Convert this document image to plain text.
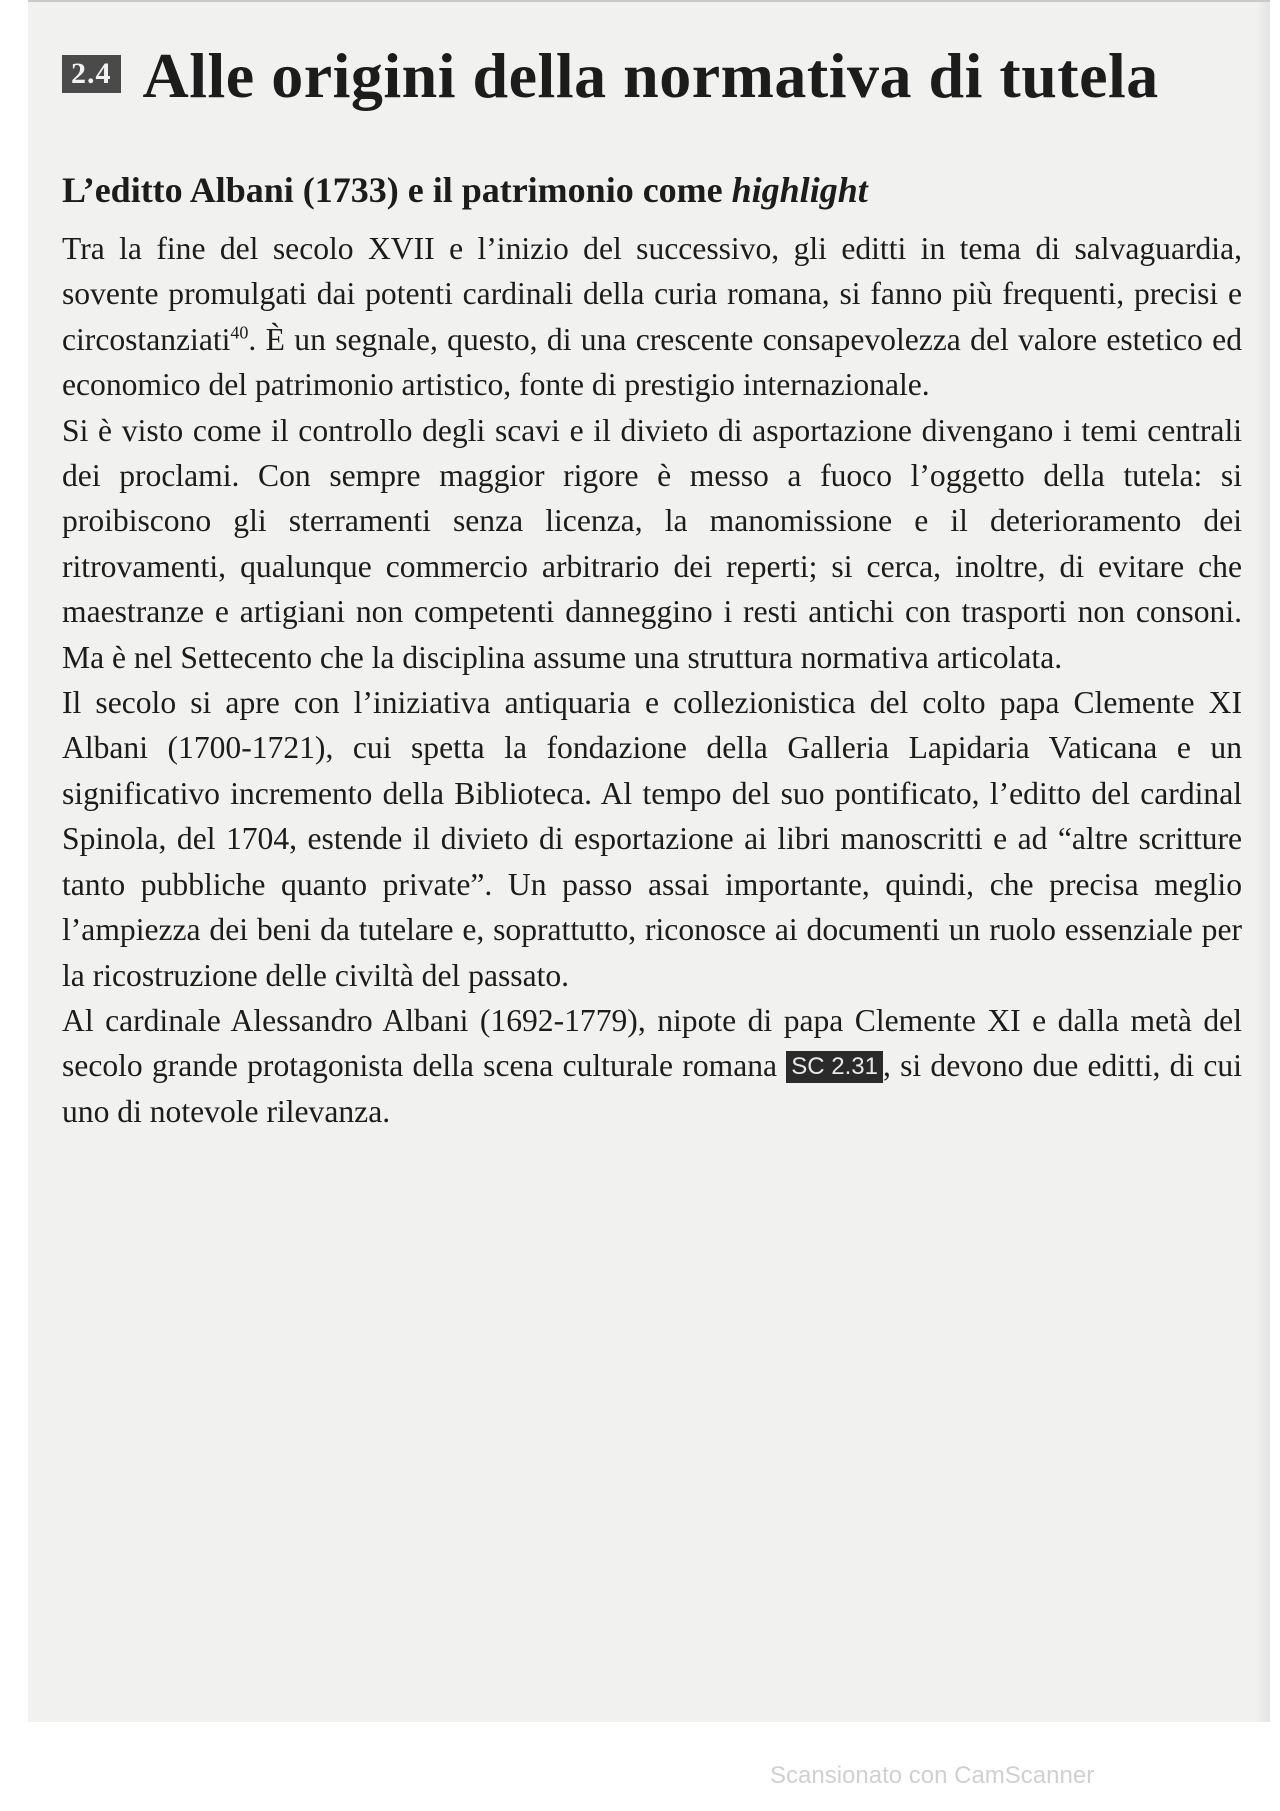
2.4 Alle origini della normativa di tutela
L’editto Albani (1733) e il patrimonio come highlight

Tra la fine del secolo XVII e l’inizio del successivo, gli editti in tema di salvaguardia, sovente promulgati dai potenti cardinali della curia romana, si fanno più frequenti, precisi e circostanziati$^{40}$. È un segnale, questo, di una crescente consapevolezza del valore estetico ed economico del patrimonio artistico, fonte di prestigio internazionale.

Si è visto come il controllo degli scavi e il divieto di asportazione divengano i temi centrali dei proclami. Con sempre maggior rigore è messo a fuoco l’oggetto della tutela: si proibiscono gli sterramenti senza licenza, la manomissione e il deterioramento dei ritrovamenti, qualunque commercio arbitrario dei reperti; si cerca, inoltre, di evitare che maestranze e artigiani non competenti danneggino i resti antichi con trasporti non consoni. Ma è nel Settecento che la disciplina assume una struttura normativa articolata.

Il secolo si apre con l’iniziativa antiquaria e collezionistica del colto papa Clemente XI Albani (1700-1721), cui spetta la fondazione della Galleria Lapidaria Vaticana e un significativo incremento della Biblioteca. Al tempo del suo pontificato, l’editto del cardinal Spinola, del 1704, estende il divieto di esportazione ai libri manoscritti e ad “altre scritture tanto pubbliche quanto private”. Un passo assai importante, quindi, che precisa meglio l’ampiezza dei beni da tutelare e, soprattutto, riconosce ai documenti un ruolo essenziale per la ricostruzione delle civiltà del passato.

Al cardinale Alessandro Albani (1692-1779), nipote di papa Clemente XI e dalla metà del secolo grande protagonista della scena culturale romana SC 2.31 , si devono due editti, di cui uno di notevole rilevanza.

Scansionato con CamScanner
